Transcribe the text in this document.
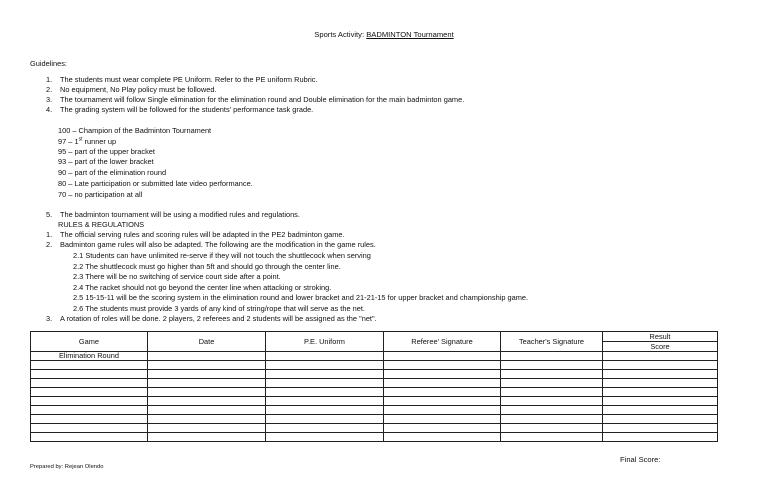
Sports Activity: BADMINTON Tournament
Guidelines:
1. The students must wear complete PE Uniform. Refer to the PE uniform Rubric.
2. No equipment, No Play policy must be followed.
3. The tournament will follow Single elimination for the elimination round and Double elimination for the main badminton game.
4. The grading system will be followed for the students' performance task grade.
100 – Champion of the Badminton Tournament
97 – 1st runner up
95 – part of the upper bracket
93 – part of the lower bracket
90 – part of the elimination round
80 – Late participation or submitted late video performance.
70 – no participation at all
5. The badminton tournament will be using a modified rules and regulations.
RULES & REGULATIONS
1. The official serving rules and scoring rules will be adapted in the PE2 badminton game.
2. Badminton game rules will also be adapted. The following are the modification in the game rules.
2.1 Students can have unlimited re-serve if they will not touch the shuttlecock when serving
2.2 The shuttlecock must go higher than 5ft and should go through the center line.
2.3 There will be no switching of service court side after a point.
2.4 The racket should not go beyond the center line when attacking or stroking.
2.5 15-15-11 will be the scoring system in the elimination round and lower bracket and 21-21-15 for upper bracket and championship game.
2.6 The students must provide 3 yards of any kind of string/rope that will serve as the net.
3. A rotation of roles will be done. 2 players, 2 referees and 2 students will be assigned as the "net".
Game	Date	P.E. Uniform	Referee' Signature	Teacher's Signature	Result
Score

Elimination Round					

Final Score:
Prepared by: Rejean Olendo
